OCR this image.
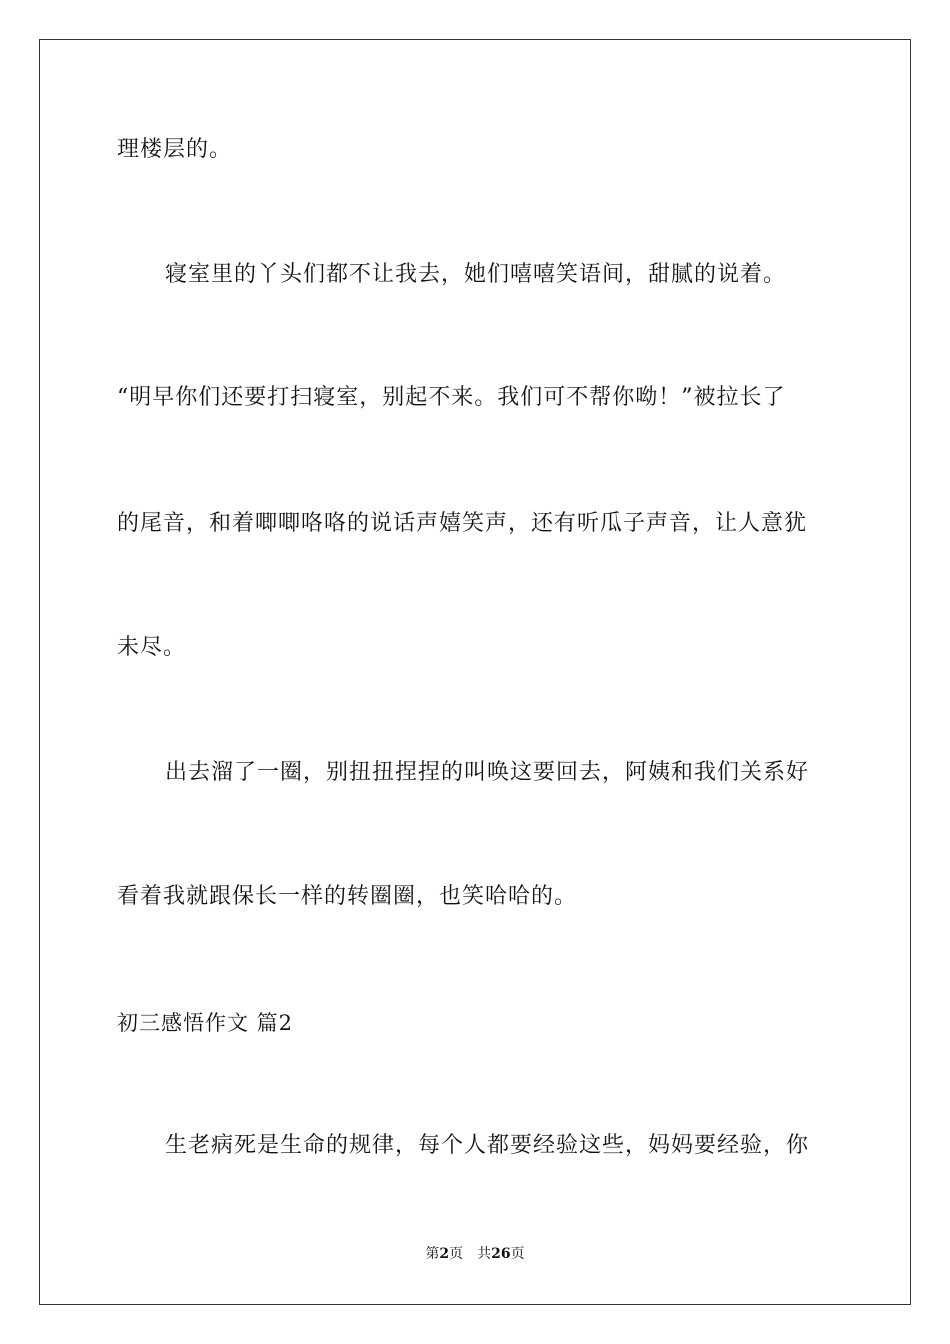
理楼层的。
寝室里的丫头们都不让我去，她们嘻嘻笑语间，甜腻的说着。
“明早你们还要打扫寝室，别起不来。我们可不帮你呦！”被拉长了
的尾音，和着唧唧咯咯的说话声嬉笑声，还有听瓜子声音，让人意犹
未尽。
出去溜了一圈，别扭扭捏捏的叫唤这要回去，阿姨和我们关系好
看着我就跟保长一样的转圈圈，也笑哈哈的。
初三感悟作文 篇2
生老病死是生命的规律，每个人都要经验这些，妈妈要经验，你
第2页 共26页
